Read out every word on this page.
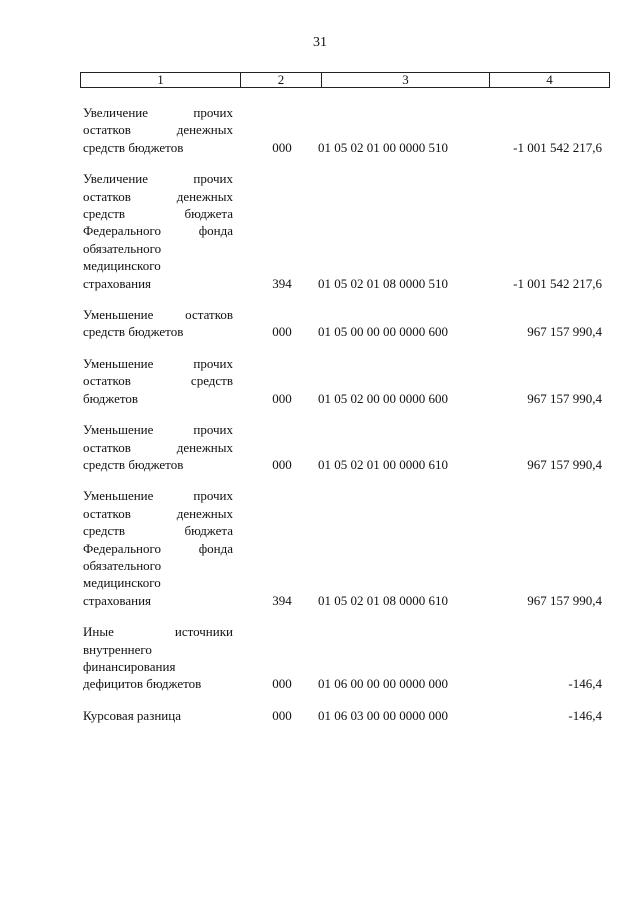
31
1	2	3	4
Увеличение прочих
остатков денежных
средств бюджетов	000	01 05 02 01 00 0000 510	-1 001 542 217,6
Увеличение прочих
остатков денежных
средств бюджета
Федерального фонда
обязательного
медицинского
страхования	394	01 05 02 01 08 0000 510	-1 001 542 217,6
Уменьшение остатков
средств бюджетов	000	01 05 00 00 00 0000 600	967 157 990,4
Уменьшение прочих
остатков средств
бюджетов	000	01 05 02 00 00 0000 600	967 157 990,4
Уменьшение прочих
остатков денежных
средств бюджетов	000	01 05 02 01 00 0000 610	967 157 990,4
Уменьшение прочих
остатков денежных
средств бюджета
Федерального фонда
обязательного
медицинского
страхования	394	01 05 02 01 08 0000 610	967 157 990,4
Иные источники
внутреннего
финансирования
дефицитов бюджетов	000	01 06 00 00 00 0000 000	-146,4
Курсовая разница	000	01 06 03 00 00 0000 000	-146,4
